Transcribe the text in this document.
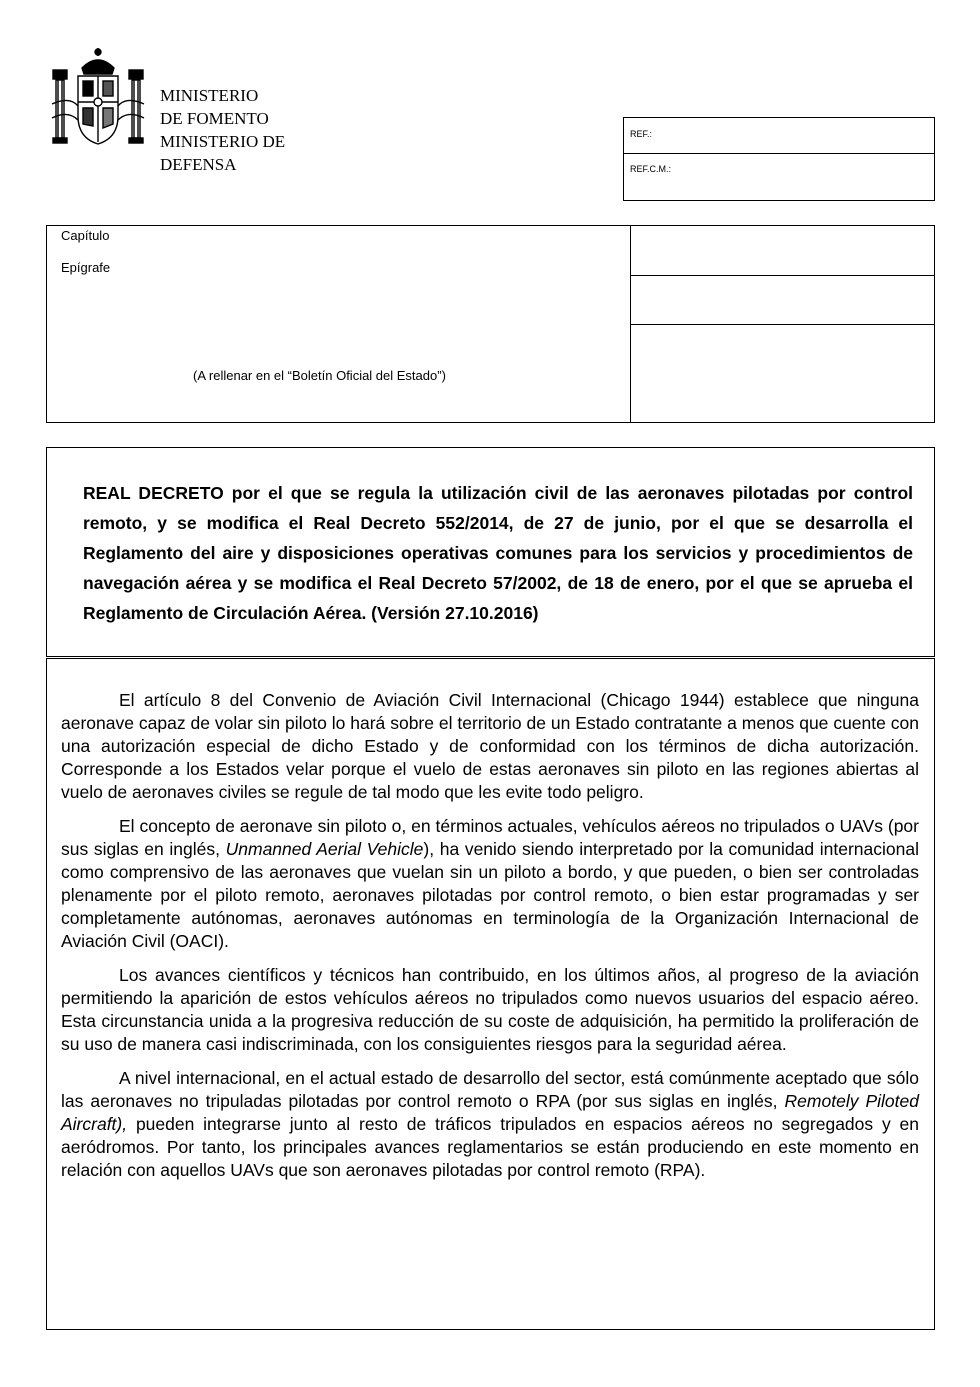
MINISTERIO
DE FOMENTO
MINISTERIO DE
DEFENSA
REF.:
REF.C.M.:
Capítulo
Epígrafe
(A rellenar en el “Boletín Oficial del Estado”)
REAL DECRETO por el que se regula la utilización civil de las aeronaves pilotadas por control remoto, y se modifica el Real Decreto 552/2014, de 27 de junio, por el que se desarrolla el Reglamento del aire y disposiciones operativas comunes para los servicios y procedimientos de navegación aérea y se modifica el Real Decreto 57/2002, de 18 de enero, por el que se aprueba el Reglamento de Circulación Aérea. (Versión 27.10.2016)

El artículo 8 del Convenio de Aviación Civil Internacional (Chicago 1944) establece que ninguna aeronave capaz de volar sin piloto lo hará sobre el territorio de un Estado contratante a menos que cuente con una autorización especial de dicho Estado y de conformidad con los términos de dicha autorización. Corresponde a los Estados velar porque el vuelo de estas aeronaves sin piloto en las regiones abiertas al vuelo de aeronaves civiles se regule de tal modo que les evite todo peligro.

El concepto de aeronave sin piloto o, en términos actuales, vehículos aéreos no tripulados o UAVs (por sus siglas en inglés, Unmanned Aerial Vehicle), ha venido siendo interpretado por la comunidad internacional como comprensivo de las aeronaves que vuelan sin un piloto a bordo, y que pueden, o bien ser controladas plenamente por el piloto remoto, aeronaves pilotadas por control remoto, o bien estar programadas y ser completamente autónomas, aeronaves autónomas en terminología de la Organización Internacional de Aviación Civil (OACI).

Los avances científicos y técnicos han contribuido, en los últimos años, al progreso de la aviación permitiendo la aparición de estos vehículos aéreos no tripulados como nuevos usuarios del espacio aéreo. Esta circunstancia unida a la progresiva reducción de su coste de adquisición, ha permitido la proliferación de su uso de manera casi indiscriminada, con los consiguientes riesgos para la seguridad aérea.

A nivel internacional, en el actual estado de desarrollo del sector, está comúnmente aceptado que sólo las aeronaves no tripuladas pilotadas por control remoto o RPA (por sus siglas en inglés, Remotely Piloted Aircraft), pueden integrarse junto al resto de tráficos tripulados en espacios aéreos no segregados y en aeródromos. Por tanto, los principales avances reglamentarios se están produciendo en este momento en relación con aquellos UAVs que son aeronaves pilotadas por control remoto (RPA).
